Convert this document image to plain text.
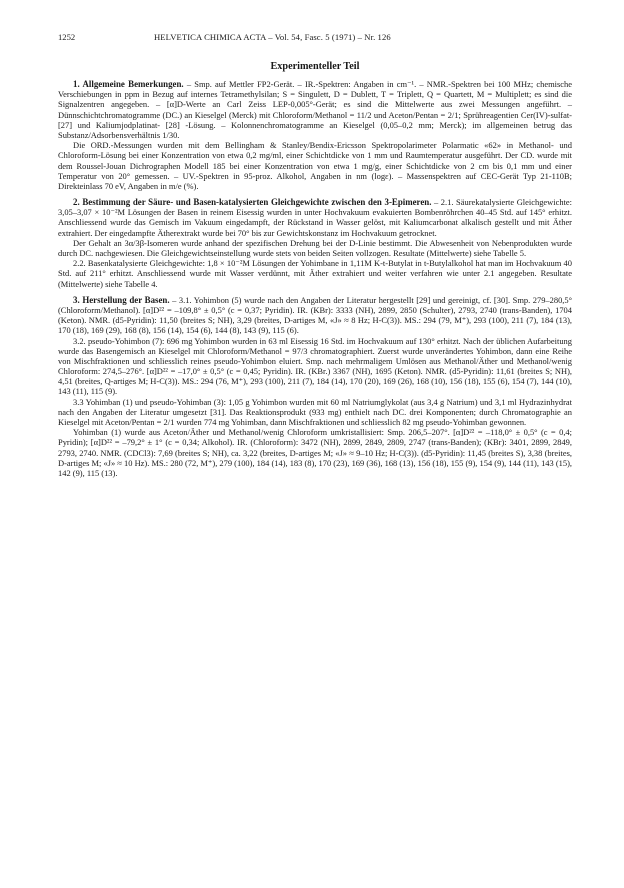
1252	HELVETICA CHIMICA ACTA – Vol. 54, Fasc. 5 (1971) – Nr. 126
Experimenteller Teil

1. Allgemeine Bemerkungen. – Smp. auf Mettler FP2-Gerät. – IR.-Spektren: Angaben in cm⁻¹. – NMR.-Spektren bei 100 MHz; chemische Verschiebungen in ppm in Bezug auf internes Tetramethylsilan; S = Singulett, D = Dublett, T = Triplett, Q = Quartett, M = Multiplett; es sind die Signalzentren angegeben. – [α]D-Werte an Carl Zeiss LEP-0,005°-Gerät; es sind die Mittelwerte aus zwei Messungen angeführt. – Dünnschichtchromatogramme (DC.) an Kieselgel (Merck) mit Chloroform/Methanol = 11/2 und Aceton/Pentan = 2/1; Sprühreagentien Cer(IV)-sulfat- [27] und Kaliumjodplatinat- [28] -Lösung. – Kolonnenchromatogramme an Kieselgel (0,05–0,2 mm; Merck); im allgemeinen betrug das Substanz/Adsorbensverhältnis 1/30.

Die ORD.-Messungen wurden mit dem Bellingham & Stanley/Bendix-Ericsson Spektropolarimeter Polarmatic «62» in Methanol- und Chloroform-Lösung bei einer Konzentration von etwa 0,2 mg/ml, einer Schichtdicke von 1 mm und Raumtemperatur ausgeführt. Der CD. wurde mit dem Roussel-Jouan Dichrographen Modell 185 bei einer Konzentration von etwa 1 mg/g, einer Schichtdicke von 2 cm bis 0,1 mm und einer Temperatur von 20° gemessen. – UV.-Spektren in 95-proz. Alkohol, Angaben in nm (logε). – Massenspektren auf CEC-Gerät Typ 21-110B; Direkteinlass 70 eV, Angaben in m/e (%).

2. Bestimmung der Säure- und Basen-katalysierten Gleichgewichte zwischen den 3-Epimeren. – 2.1. Säurekatalysierte Gleichgewichte: 3,05–3,07 × 10⁻²M Lösungen der Basen in reinem Eisessig wurden in unter Hochvakuum evakuierten Bombenröhrchen 40–45 Std. auf 145° erhitzt. Anschliessend wurde das Gemisch im Vakuum eingedampft, der Rückstand in Wasser gelöst, mit Kaliumcarbonat alkalisch gestellt und mit Äther extrahiert. Der eingedampfte Ätherextrakt wurde bei 70° bis zur Gewichtskonstanz im Hochvakuum getrocknet.

Der Gehalt an 3α/3β-Isomeren wurde anhand der spezifischen Drehung bei der D-Linie bestimmt. Die Abwesenheit von Nebenprodukten wurde durch DC. nachgewiesen. Die Gleichgewichtseinstellung wurde stets von beiden Seiten vollzogen. Resultate (Mittelwerte) siehe Tabelle 5.

2.2. Basenkatalysierte Gleichgewichte: 1,8 × 10⁻²M Lösungen der Yohimbane in 1,11M K-t-Butylat in t-Butylalkohol hat man im Hochvakuum 40 Std. auf 211° erhitzt. Anschliessend wurde mit Wasser verdünnt, mit Äther extrahiert und weiter verfahren wie unter 2.1 angegeben. Resultate (Mittelwerte) siehe Tabelle 4.

3. Herstellung der Basen. – 3.1. Yohimbon (5) wurde nach den Angaben der Literatur hergestellt [29] und gereinigt, cf. [30]. Smp. 279–280,5° (Chloroform/Methanol). [α]D²² = –109,8° ± 0,5° (c = 0,37; Pyridin). IR. (KBr): 3333 (NH), 2899, 2850 (Schulter), 2793, 2740 (trans-Banden), 1704 (Keton). NMR. (d5-Pyridin): 11,50 (breites S; NH), 3,29 (breites, D-artiges M, «J» ≈ 8 Hz; H-C(3)). MS.: 294 (79, M⁺), 293 (100), 211 (7), 184 (13), 170 (18), 169 (29), 168 (8), 156 (14), 154 (6), 144 (8), 143 (9), 115 (6).

3.2. pseudo-Yohimbon (7): 696 mg Yohimbon wurden in 63 ml Eisessig 16 Std. im Hochvakuum auf 130° erhitzt. Nach der üblichen Aufarbeitung wurde das Basengemisch an Kieselgel mit Chloroform/Methanol = 97/3 chromatographiert. Zuerst wurde unverändertes Yohimbon, dann eine Reihe von Mischfraktionen und schliesslich reines pseudo-Yohimbon eluiert. Smp. nach mehrmaligem Umlösen aus Methanol/Äther und Methanol/wenig Chloroform: 274,5–276°. [α]D²² = –17,0° ± 0,5° (c = 0,45; Pyridin). IR. (KBr.) 3367 (NH), 1695 (Keton). NMR. (d5-Pyridin): 11,61 (breites S; NH), 4,51 (breites, Q-artiges M; H-C(3)). MS.: 294 (76, M⁺), 293 (100), 211 (7), 184 (14), 170 (20), 169 (26), 168 (10), 156 (18), 155 (6), 154 (7), 144 (10), 143 (11), 115 (9).

3.3 Yohimban (1) und pseudo-Yohimban (3): 1,05 g Yohimbon wurden mit 60 ml Natriumglykolat (aus 3,4 g Natrium) und 3,1 ml Hydrazinhydrat nach den Angaben der Literatur umgesetzt [31]. Das Reaktionsprodukt (933 mg) enthielt nach DC. drei Komponenten; durch Chromatographie an Kieselgel mit Aceton/Pentan = 2/1 wurden 774 mg Yohimban, dann Mischfraktionen und schliesslich 82 mg pseudo-Yohimban gewonnen.

Yohimban (1) wurde aus Aceton/Äther und Methanol/wenig Chloroform umkristallisiert: Smp. 206,5–207°. [α]D²² = –118,0° ± 0,5° (c = 0,4; Pyridin); [α]D²² = –79,2° ± 1° (c = 0,34; Alkohol). IR. (Chloroform): 3472 (NH), 2899, 2849, 2809, 2747 (trans-Banden); (KBr): 3401, 2899, 2849, 2793, 2740. NMR. (CDCl3): 7,69 (breites S; NH), ca. 3,22 (breites, D-artiges M; «J» ≈ 9–10 Hz; H-C(3)). (d5-Pyridin): 11,45 (breites S), 3,38 (breites, D-artiges M; «J» ≈ 10 Hz). MS.: 280 (72, M⁺), 279 (100), 184 (14), 183 (8), 170 (23), 169 (36), 168 (13), 156 (18), 155 (9), 154 (9), 144 (11), 143 (15), 142 (9), 115 (13).
